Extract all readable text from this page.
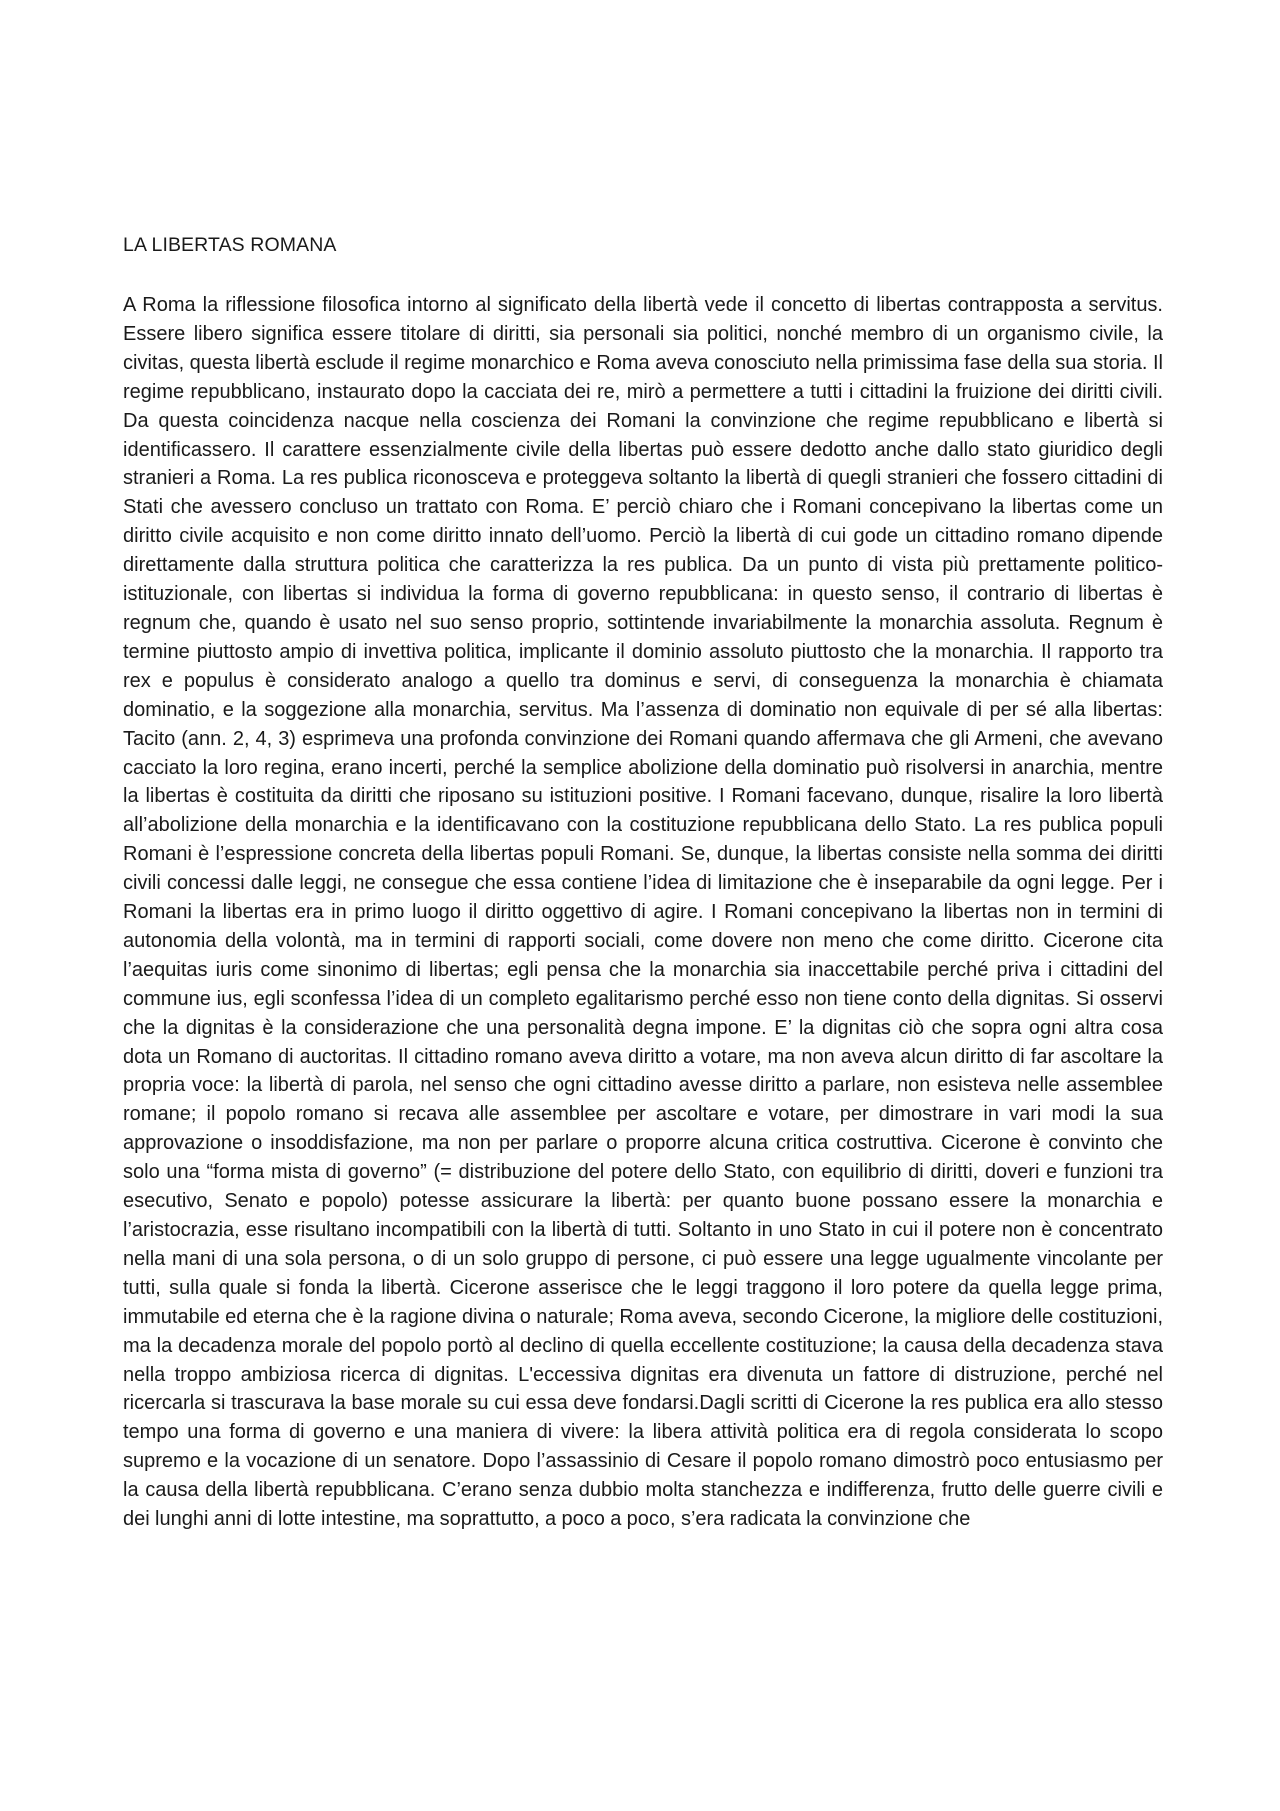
LA LIBERTAS ROMANA

A Roma la riflessione filosofica intorno al significato della libertà vede il concetto di libertas contrapposta a servitus. Essere libero significa essere titolare di diritti, sia personali sia politici, nonché membro di un organismo civile, la civitas, questa libertà esclude il regime monarchico e Roma aveva conosciuto nella primissima fase della sua storia. Il regime repubblicano, instaurato dopo la cacciata dei re, mirò a permettere a tutti i cittadini la fruizione dei diritti civili. Da questa coincidenza nacque nella coscienza dei Romani la convinzione che regime repubblicano e libertà si identificassero. Il carattere essenzialmente civile della libertas può essere dedotto anche dallo stato giuridico degli stranieri a Roma. La res publica riconosceva e proteggeva soltanto la libertà di quegli stranieri che fossero cittadini di Stati che avessero concluso un trattato con Roma. E’ perciò chiaro che i Romani concepivano la libertas come un diritto civile acquisito e non come diritto innato dell’uomo. Perciò la libertà di cui gode un cittadino romano dipende direttamente dalla struttura politica che caratterizza la res publica. Da un punto di vista più prettamente politico-istituzionale, con libertas si individua la forma di governo repubblicana: in questo senso, il contrario di libertas è regnum che, quando è usato nel suo senso proprio, sottintende invariabilmente la monarchia assoluta. Regnum è termine piuttosto ampio di invettiva politica, implicante il dominio assoluto piuttosto che la monarchia. Il rapporto tra rex e populus è considerato analogo a quello tra dominus e servi, di conseguenza la monarchia è chiamata dominatio, e la soggezione alla monarchia, servitus. Ma l’assenza di dominatio non equivale di per sé alla libertas: Tacito (ann. 2, 4, 3) esprimeva una profonda convinzione dei Romani quando affermava che gli Armeni, che avevano cacciato la loro regina, erano incerti, perché la semplice abolizione della dominatio può risolversi in anarchia, mentre la libertas è costituita da diritti che riposano su istituzioni positive. I Romani facevano, dunque, risalire la loro libertà all’abolizione della monarchia e la identificavano con la costituzione repubblicana dello Stato. La res publica populi Romani è l’espressione concreta della libertas populi Romani. Se, dunque, la libertas consiste nella somma dei diritti civili concessi dalle leggi, ne consegue che essa contiene l’idea di limitazione che è inseparabile da ogni legge. Per i Romani la libertas era in primo luogo il diritto oggettivo di agire. I Romani concepivano la libertas non in termini di autonomia della volontà, ma in termini di rapporti sociali, come dovere non meno che come diritto. Cicerone cita l’aequitas iuris come sinonimo di libertas; egli pensa che la monarchia sia inaccettabile perché priva i cittadini del commune ius, egli sconfessa l’idea di un completo egalitarismo perché esso non tiene conto della dignitas. Si osservi che la dignitas è la considerazione che una personalità degna impone. E’ la dignitas ciò che sopra ogni altra cosa dota un Romano di auctoritas. Il cittadino romano aveva diritto a votare, ma non aveva alcun diritto di far ascoltare la propria voce: la libertà di parola, nel senso che ogni cittadino avesse diritto a parlare, non esisteva nelle assemblee romane; il popolo romano si recava alle assemblee per ascoltare e votare, per dimostrare in vari modi la sua approvazione o insoddisfazione, ma non per parlare o proporre alcuna critica costruttiva. Cicerone è convinto che solo una “forma mista di governo” (= distribuzione del potere dello Stato, con equilibrio di diritti, doveri e funzioni tra esecutivo, Senato e popolo) potesse assicurare la libertà: per quanto buone possano essere la monarchia e l’aristocrazia, esse risultano incompatibili con la libertà di tutti. Soltanto in uno Stato in cui il potere non è concentrato nella mani di una sola persona, o di un solo gruppo di persone, ci può essere una legge ugualmente vincolante per tutti, sulla quale si fonda la libertà. Cicerone asserisce che le leggi traggono il loro potere da quella legge prima, immutabile ed eterna che è la ragione divina o naturale; Roma aveva, secondo Cicerone, la migliore delle costituzioni, ma la decadenza morale del popolo portò al declino di quella eccellente costituzione; la causa della decadenza stava nella troppo ambiziosa ricerca di dignitas. L'eccessiva dignitas era divenuta un fattore di distruzione, perché nel ricercarla si trascurava la base morale su cui essa deve fondarsi.Dagli scritti di Cicerone la res publica era allo stesso tempo una forma di governo e una maniera di vivere: la libera attività politica era di regola considerata lo scopo supremo e la vocazione di un senatore. Dopo l’assassinio di Cesare il popolo romano dimostrò poco entusiasmo per la causa della libertà repubblicana. C’erano senza dubbio molta stanchezza e indifferenza, frutto delle guerre civili e dei lunghi anni di lotte intestine, ma soprattutto, a poco a poco, s’era radicata la convinzione che
